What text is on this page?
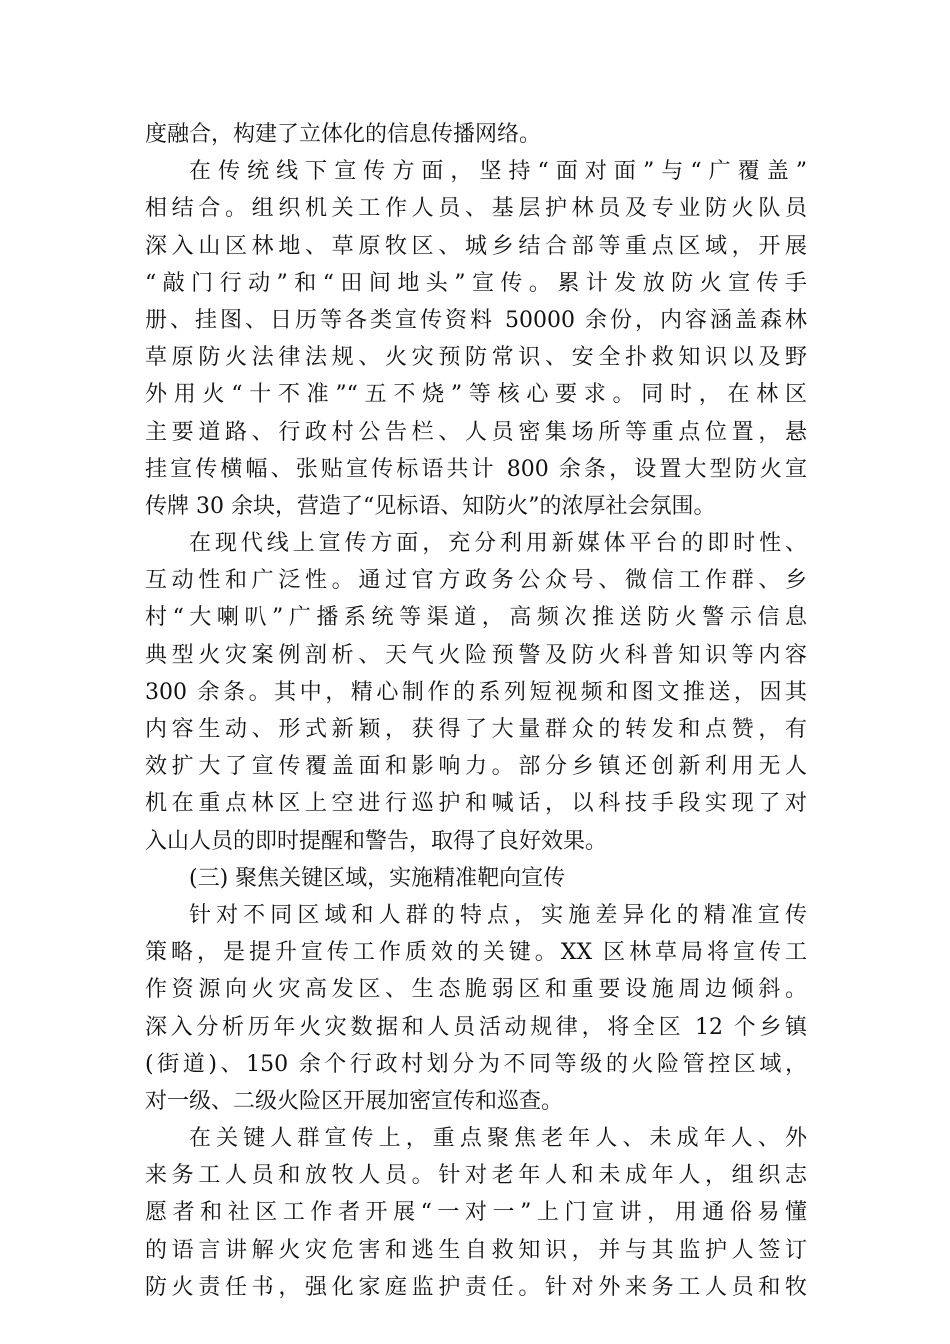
度融合，构建了立体化的信息传播网络。
在传统线下宣传方面，坚持“面对面”与“广覆盖”
相结合。组织机关工作人员、基层护林员及专业防火队员
深入山区林地、草原牧区、城乡结合部等重点区域，开展
“敲门行动”和“田间地头”宣传。累计发放防火宣传手
册、挂图、日历等各类宣传资料 50000 余份，内容涵盖森林
草原防火法律法规、火灾预防常识、安全扑救知识以及野
外用火“十不准”“五不烧”等核心要求。同时，在林区
主要道路、行政村公告栏、人员密集场所等重点位置，悬
挂宣传横幅、张贴宣传标语共计 800 余条，设置大型防火宣
传牌 30 余块，营造了“见标语、知防火”的浓厚社会氛围。
在现代线上宣传方面，充分利用新媒体平台的即时性、
互动性和广泛性。通过官方政务公众号、微信工作群、乡
村“大喇叭”广播系统等渠道，高频次推送防火警示信息
典型火灾案例剖析、天气火险预警及防火科普知识等内容
300 余条。其中，精心制作的系列短视频和图文推送，因其
内容生动、形式新颖，获得了大量群众的转发和点赞，有
效扩大了宣传覆盖面和影响力。部分乡镇还创新利用无人
机在重点林区上空进行巡护和喊话，以科技手段实现了对
入山人员的即时提醒和警告，取得了良好效果。
(三) 聚焦关键区域，实施精准靶向宣传
针对不同区域和人群的特点，实施差异化的精准宣传
策略，是提升宣传工作质效的关键。XX 区林草局将宣传工
作资源向火灾高发区、生态脆弱区和重要设施周边倾斜。
深入分析历年火灾数据和人员活动规律，将全区 12 个乡镇
(街道)、150 余个行政村划分为不同等级的火险管控区域，
对一级、二级火险区开展加密宣传和巡查。
在关键人群宣传上，重点聚焦老年人、未成年人、外
来务工人员和放牧人员。针对老年人和未成年人，组织志
愿者和社区工作者开展“一对一”上门宣讲，用通俗易懂
的语言讲解火灾危害和逃生自救知识，并与其监护人签订
防火责任书，强化家庭监护责任。针对外来务工人员和牧
